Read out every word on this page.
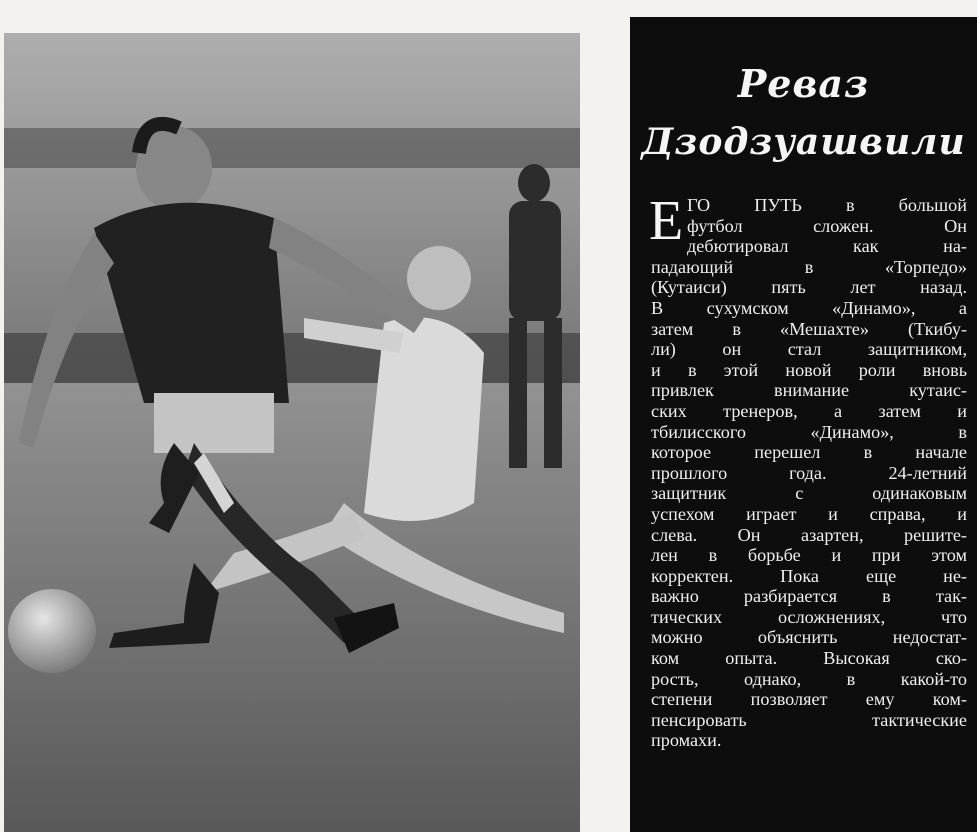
Реваз
Дзодзуашвили
Е ГО ПУТЬ в большой
футбол сложен. Он
дебютировал как на-
падающий в «Торпедо»
(Кутаиси) пять лет назад.
В сухумском «Динамо», а
затем в «Мешахте» (Ткибу-
ли) он стал защитником,
и в этой новой роли вновь
привлек внимание кутаис-
ских тренеров, а затем и
тбилисского «Динамо», в
которое перешел в начале
прошлого года. 24-летний
защитник с одинаковым
успехом играет и справа, и
слева. Он азартен, решите-
лен в борьбе и при этом
корректен. Пока еще не-
важно разбирается в так-
тических осложнениях, что
можно объяснить недостат-
ком опыта. Высокая ско-
рость, однако, в какой-то
степени позволяет ему ком-
пенсировать тактические
промахи.
